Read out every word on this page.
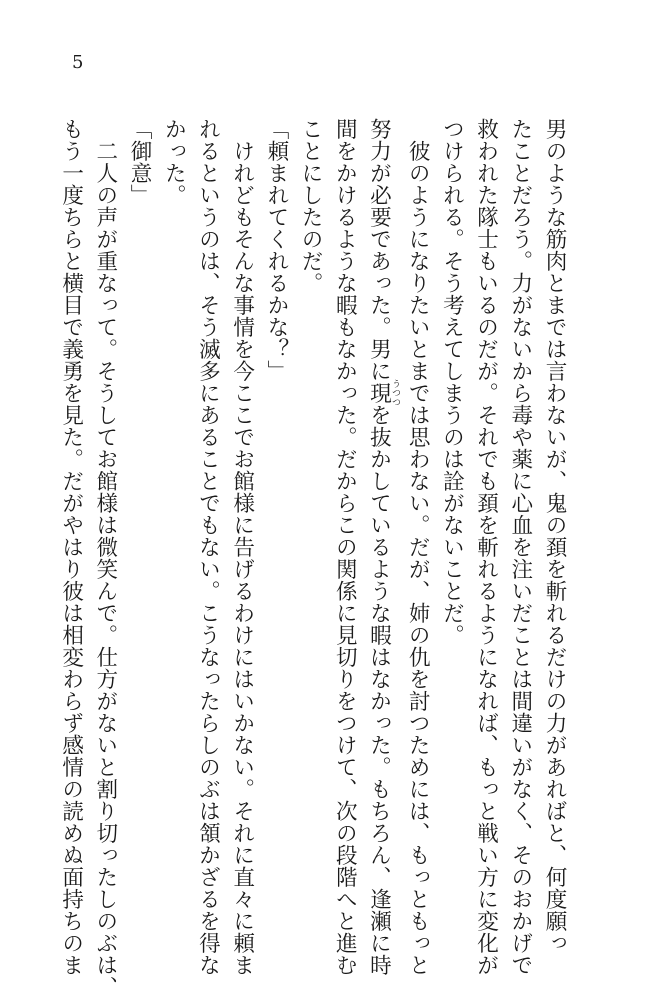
5
男のような筋肉とまでは言わないが、鬼の頚を斬れるだけの力があればと、何度願っ
たことだろう。力がないから毒や薬に心血を注いだことは間違いがなく、そのおかげで
救われた隊士もいるのだが。それでも頚を斬れるようになれば、もっと戦い方に変化が
つけられる。そう考えてしまうのは詮がないことだ。
　彼のようになりたいとまでは思わない。だが、姉の仇を討つためには、もっともっと
努力が必要であった。男に現うつつを抜かしているような暇はなかった。もちろん、逢瀬に時
間をかけるような暇もなかった。だからこの関係に見切りをつけて、次の段階へと進む
ことにしたのだ。
「頼まれてくれるかな？」
　けれどもそんな事情を今ここでお館様に告げるわけにはいかない。それに直々に頼ま
れるというのは、そう滅多にあることでもない。こうなったらしのぶは頷かざるを得な
かった。
「御意」
　二人の声が重なって。そうしてお館様は微笑んで。仕方がないと割り切ったしのぶは、
もう一度ちらと横目で義勇を見た。だがやはり彼は相変わらず感情の読めぬ面持ちのま
